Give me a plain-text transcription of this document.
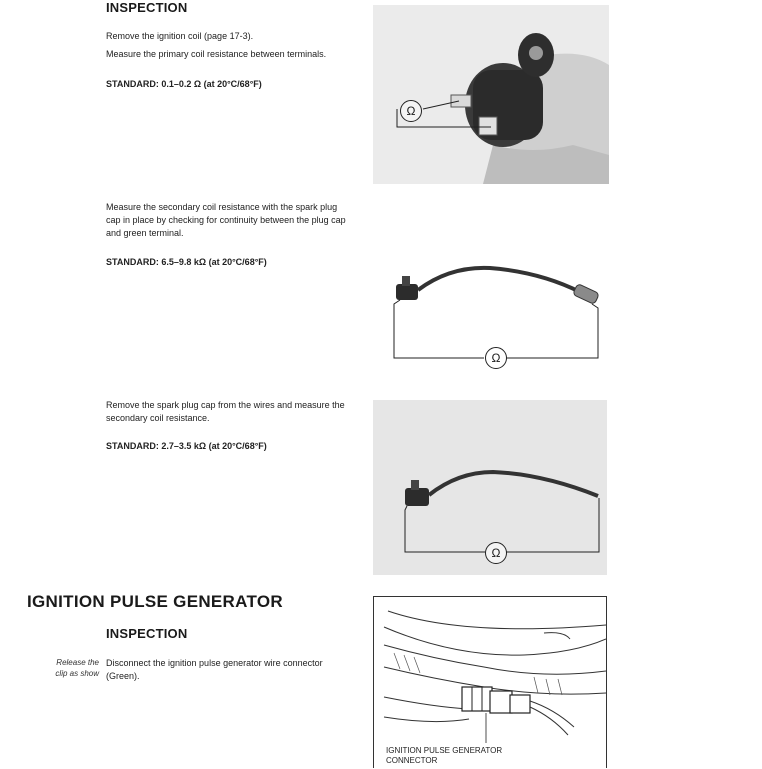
INSPECTION
Remove the ignition coil (page 17-3).
Measure the primary coil resistance between terminals.
STANDARD: 0.1–0.2 Ω (at 20°C/68°F)
Ω
Measure the secondary coil resistance with the spark plug
cap in place by checking for continuity between the plug cap
and green terminal.
STANDARD: 6.5–9.8 kΩ (at 20°C/68°F)
Ω
Remove the spark plug cap from the wires and measure the
secondary coil resistance.
STANDARD: 2.7–3.5 kΩ (at 20°C/68°F)
Ω
IGNITION PULSE GENERATOR
INSPECTION
Release the
clip as show
Disconnect the ignition pulse generator wire connector
(Green).
IGNITION PULSE GENERATOR
CONNECTOR
